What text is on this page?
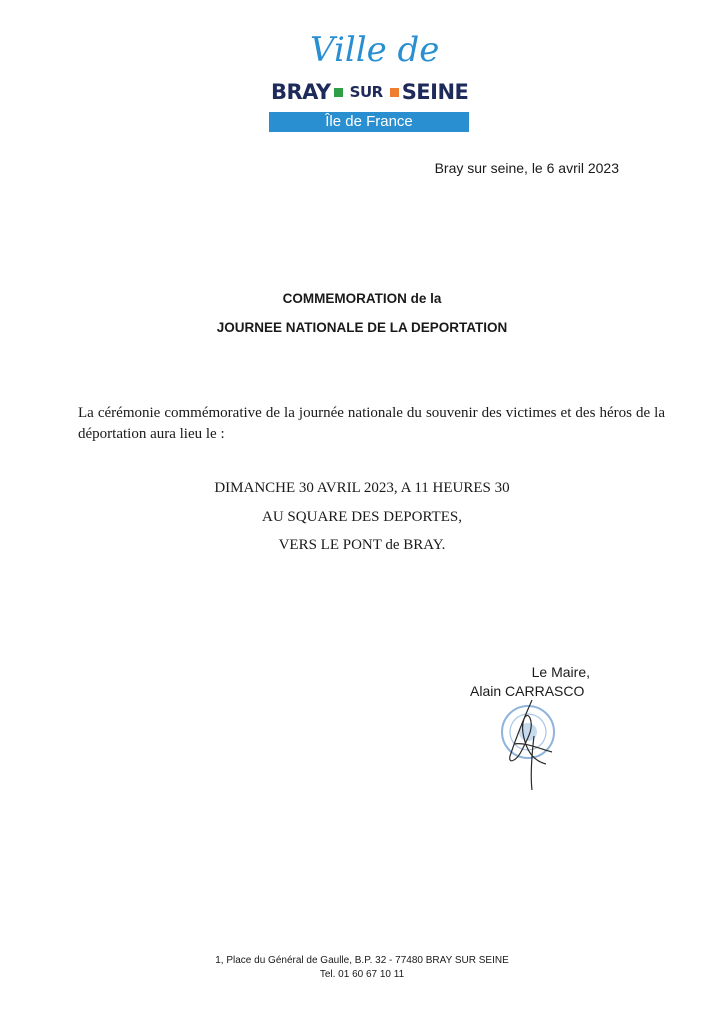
Ville de
BRAY SUR SEINE
Île de France
Bray sur seine, le 6 avril 2023
COMMEMORATION de la
JOURNEE NATIONALE DE LA DEPORTATION
La cérémonie commémorative de la journée nationale du souvenir des victimes et des héros de la déportation aura lieu le :
DIMANCHE 30 AVRIL 2023, A 11 HEURES 30
AU SQUARE DES DEPORTES,
VERS LE PONT de BRAY.
Le Maire,
Alain CARRASCO
1, Place du Général de Gaulle, B.P. 32 - 77480 BRAY SUR SEINE
Tel. 01 60 67 10 11
